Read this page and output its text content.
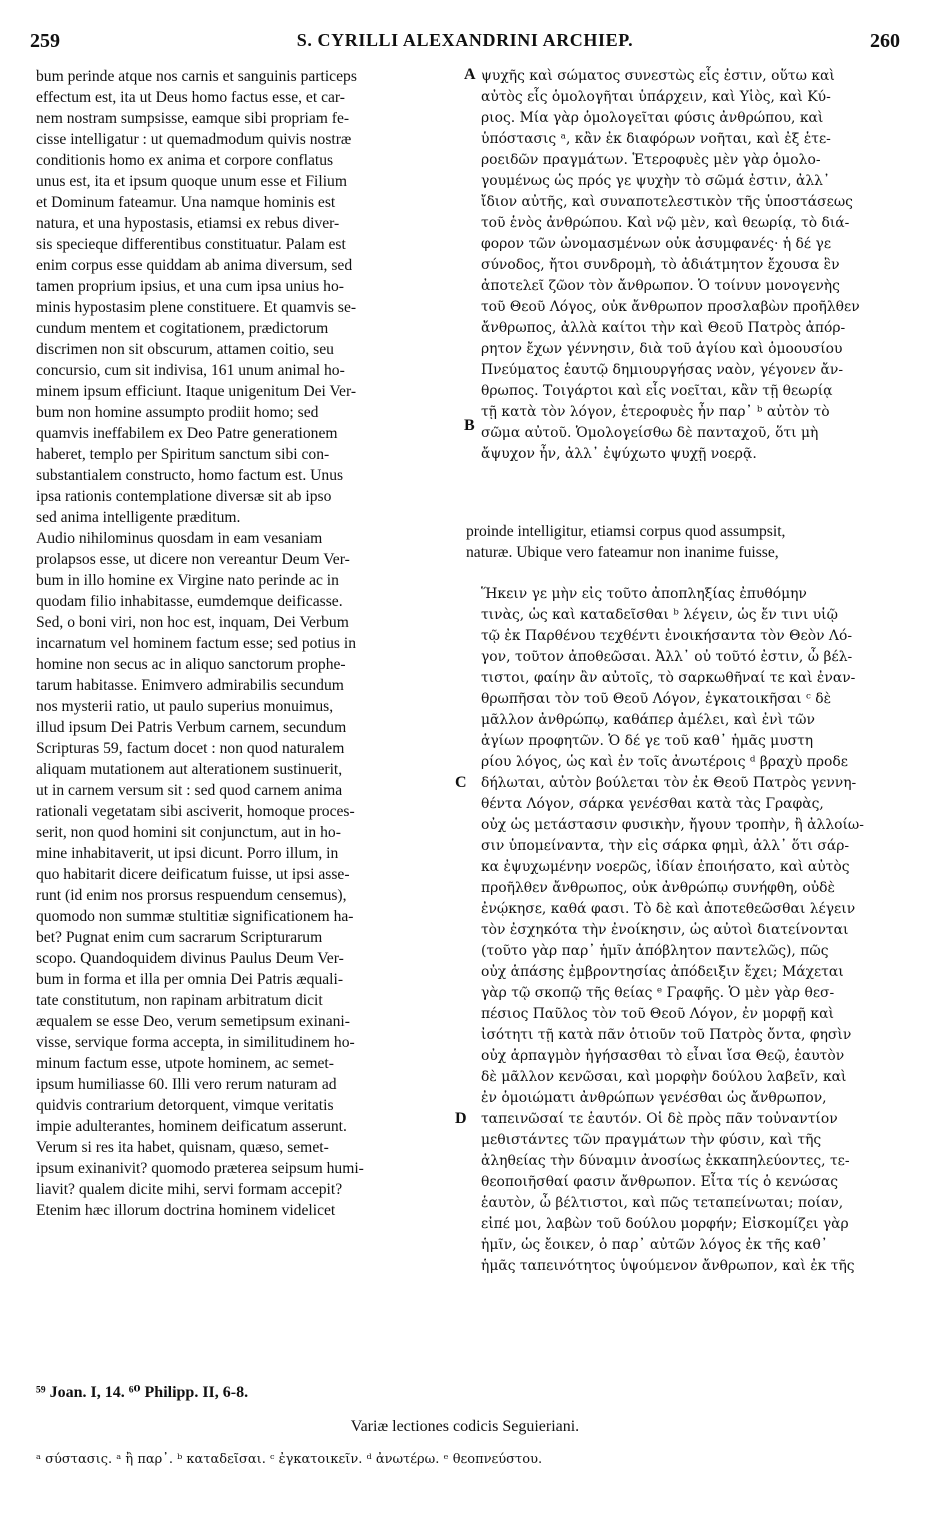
259	S. CYRILLI ALEXANDRINI ARCHIEP.	260
bum perinde atque nos carnis et sanguinis particeps
effectum est, ita ut Deus homo factus esse, et car-
nem nostram sumpsisse, eamque sibi propriam fe-
cisse intelligatur : ut quemadmodum quivis nostræ
conditionis homo ex anima et corpore conflatus
unus est, ita et ipsum quoque unum esse et Filium
et Dominum fateamur. Una namque hominis est
natura, et una hypostasis, etiamsi ex rebus diver-
sis specieque differentibus constituatur. Palam est
enim corpus esse quiddam ab anima diversum, sed
tamen proprium ipsius, et una cum ipsa unius ho-
minis hypostasim plene constituere. Et quamvis se-
cundum mentem et cogitationem, prædictorum
discrimen non sit obscurum, attamen coitio, seu
concursio, cum sit indivisa, 161 unum animal ho-
minem ipsum efficiunt. Itaque unigenitum Dei Ver-
bum non homine assumpto prodiit homo; sed
quamvis ineffabilem ex Deo Patre generationem
haberet, templo per Spiritum sanctum sibi con-
substantialem constructo, homo factum est. Unus
ipsa rationis contemplatione diversæ sit ab ipso
sed anima intelligente præditum.
Audio nihilominus quosdam in eam vesaniam
prolapsos esse, ut dicere non vereantur Deum Ver-
bum in illo homine ex Virgine nato perinde ac in
quodam filio inhabitasse, eumdemque deificasse.
Sed, o boni viri, non hoc est, inquam, Dei Verbum
incarnatum vel hominem factum esse; sed potius in
homine non secus ac in aliquo sanctorum prophe-
tarum habitasse. Enimvero admirabilis secundum
nos mysterii ratio, ut paulo superius monuimus,
illud ipsum Dei Patris Verbum carnem, secundum
Scripturas 59, factum docet : non quod naturalem
aliquam mutationem aut alterationem sustinuerit,
ut in carnem versum sit : sed quod carnem anima
rationali vegetatam sibi asciverit, homoque proces-
serit, non quod homini sit conjunctum, aut in ho-
mine inhabitaverit, ut ipsi dicunt. Porro illum, in
quo habitarit dicere deificatum fuisse, ut ipsi asse-
runt (id enim nos prorsus respuendum censemus),
quomodo non summæ stultitiæ significationem ha-
bet? Pugnat enim cum sacrarum Scripturarum
scopo. Quandoquidem divinus Paulus Deum Ver-
bum in forma et illa per omnia Dei Patris æquali-
tate constitutum, non rapinam arbitratum dicit
æqualem se esse Deo, verum semetipsum exinani-
visse, servique forma accepta, in similitudinem ho-
minum factum esse, utpote hominem, ac semet-
ipsum humiliasse 60. Illi vero rerum naturam ad
quidvis contrarium detorquent, vimque veritatis
impie adulterantes, hominem deificatum asserunt.
Verum si res ita habet, quisnam, quæso, semet-
ipsum exinanivit? quomodo præterea seipsum humi-
liavit? qualem dicite mihi, servi formam accepit?
Etenim hæc illorum doctrina hominem videlicet
ψυχῆς καὶ σώματος συνεστὼς εἷς ἐστιν, οὕτω καὶ
αὐτὸς εἷς ὁμολογῆται ὑπάρχειν, καὶ Υἱὸς, καὶ Κύ-
ριος. Μία γὰρ ὁμολογεῖται φύσις ἀνθρώπου, καὶ
ὑπόστασις ᵃ, κἂν ἐκ διαφόρων νοῆται, καὶ ἐξ ἑτε-
ροειδῶν πραγμάτων. Ἑτεροφυὲς μὲν γὰρ ὁμολο-
γουμένως ὡς πρός γε ψυχὴν τὸ σῶμά ἐστιν, ἀλλ᾽
ἴδιον αὐτῆς, καὶ συναποτελεστικὸν τῆς ὑποστάσεως
τοῦ ἑνὸς ἀνθρώπου. Καὶ νῷ μὲν, καὶ θεωρίᾳ, τὸ διά-
φορον τῶν ὠνομασμένων οὐκ ἀσυμφανές· ἡ δέ γε
σύνοδος, ἤτοι συνδρομὴ, τὸ ἀδιάτμητον ἔχουσα ἓν
ἀποτελεῖ ζῶον τὸν ἄνθρωπον. Ὁ τοίνυν μονογενὴς
τοῦ Θεοῦ Λόγος, οὐκ ἄνθρωπον προσλαβὼν προῆλθεν
ἄνθρωπος, ἀλλὰ καίτοι τὴν καὶ Θεοῦ Πατρὸς ἀπόρ-
ρητον ἔχων γέννησιν, διὰ τοῦ ἁγίου καὶ ὁμοουσίου
Πνεύματος ἑαυτῷ δημιουργήσας ναὸν, γέγονεν ἄν-
θρωπος. Τοιγάρτοι καὶ εἷς νοεῖται, κἂν τῇ θεωρίᾳ
τῇ κατὰ τὸν λόγον, ἑτεροφυὲς ἦν παρ᾽ ᵇ αὐτὸν τὸ
σῶμα αὐτοῦ. Ὁμολογείσθω δὲ πανταχοῦ, ὅτι μὴ
ἄψυχον ἦν, ἀλλ᾽ ἐψύχωτο ψυχῇ νοερᾷ.
proinde intelligitur, etiamsi corpus quod assumpsit,
naturæ. Ubique vero fateamur non inanime fuisse,
Ἥκειν γε μὴν εἰς τοῦτο ἀποπληξίας ἐπυθόμην
τινὰς, ὡς καὶ καταδεῖσθαι ᵇ λέγειν, ὡς ἔν τινι υἱῷ
τῷ ἐκ Παρθένου τεχθέντι ἐνοικήσαντα τὸν Θεὸν Λό-
γον, τοῦτον ἀποθεῶσαι. Ἀλλ᾽ οὐ τοῦτό ἐστιν, ὦ βέλ-
τιστοι, φαίην ἂν αὐτοῖς, τὸ σαρκωθῆναί τε καὶ ἐναν-
θρωπῆσαι τὸν τοῦ Θεοῦ Λόγον, ἐγκατοικῆσαι ᶜ δὲ
μᾶλλον ἀνθρώπῳ, καθάπερ ἀμέλει, καὶ ἐνὶ τῶν
ἁγίων προφητῶν. Ὁ δέ γε τοῦ καθ᾽ ἡμᾶς μυστη
ρίου λόγος, ὡς καὶ ἐν τοῖς ἀνωτέροις ᵈ βραχὺ προδε
δήλωται, αὐτὸν βούλεται τὸν ἐκ Θεοῦ Πατρὸς γεννη-
θέντα Λόγον, σάρκα γενέσθαι κατὰ τὰς Γραφὰς,
οὐχ ὡς μετάστασιν φυσικὴν, ἤγουν τροπὴν, ἢ ἀλλοίω-
σιν ὑπομείναντα, τὴν εἰς σάρκα φημὶ, ἀλλ᾽ ὅτι σάρ-
κα ἐψυχωμένην νοερῶς, ἰδίαν ἐποιήσατο, καὶ αὐτὸς
προῆλθεν ἄνθρωπος, οὐκ ἀνθρώπῳ συνήφθη, οὐδὲ
ἐνῴκησε, καθά φασι. Τὸ δὲ καὶ ἀποτεθεῶσθαι λέγειν
τὸν ἐσχηκότα τὴν ἐνοίκησιν, ὡς αὐτοὶ διατείνονται
(τοῦτο γὰρ παρ᾽ ἡμῖν ἀπόβλητον παντελῶς), πῶς
οὐχ ἁπάσης ἐμβροντησίας ἀπόδειξιν ἔχει; Μάχεται
γὰρ τῷ σκοπῷ τῆς θείας ᵉ Γραφῆς. Ὁ μὲν γὰρ θεσ-
πέσιος Παῦλος τὸν τοῦ Θεοῦ Λόγον, ἐν μορφῇ καὶ
ἰσότητι τῇ κατὰ πᾶν ὁτιοῦν τοῦ Πατρὸς ὄντα, φησὶν
οὐχ ἁρπαγμὸν ἡγήσασθαι τὸ εἶναι ἴσα Θεῷ, ἑαυτὸν
δὲ μᾶλλον κενῶσαι, καὶ μορφὴν δούλου λαβεῖν, καὶ
ἐν ὁμοιώματι ἀνθρώπων γενέσθαι ὡς ἄνθρωπον,
ταπεινῶσαί τε ἑαυτόν. Οἱ δὲ πρὸς πᾶν τοὐναντίον
μεθιστάντες τῶν πραγμάτων τὴν φύσιν, καὶ τῆς
ἀληθείας τὴν δύναμιν ἀνοσίως ἐκκαπηλεύοντες, τε-
θεοποιῆσθαί φασιν ἄνθρωπον. Εἶτα τίς ὁ κενώσας
ἑαυτὸν, ὦ βέλτιστοι, καὶ πῶς τεταπείνωται; ποίαν,
εἰπέ μοι, λαβὼν τοῦ δούλου μορφήν; Εἰσκομίζει γὰρ
ἡμῖν, ὡς ἔοικεν, ὁ παρ᾽ αὐτῶν λόγος ἐκ τῆς καθ᾽
ἡμᾶς ταπεινότητος ὑψούμενον ἄνθρωπον, καὶ ἐκ τῆς
A
B
C
D
⁵⁹ Joan. I, 14. ⁶⁰ Philipp. II, 6-8.
Variæ lectiones codicis Seguieriani.
ᵃ σύστασις. ᵃ ἢ παρ᾽. ᵇ καταδεῖσαι. ᶜ ἐγκατοικεῖν. ᵈ ἀνωτέρω. ᵉ θεοπνεύστου.
